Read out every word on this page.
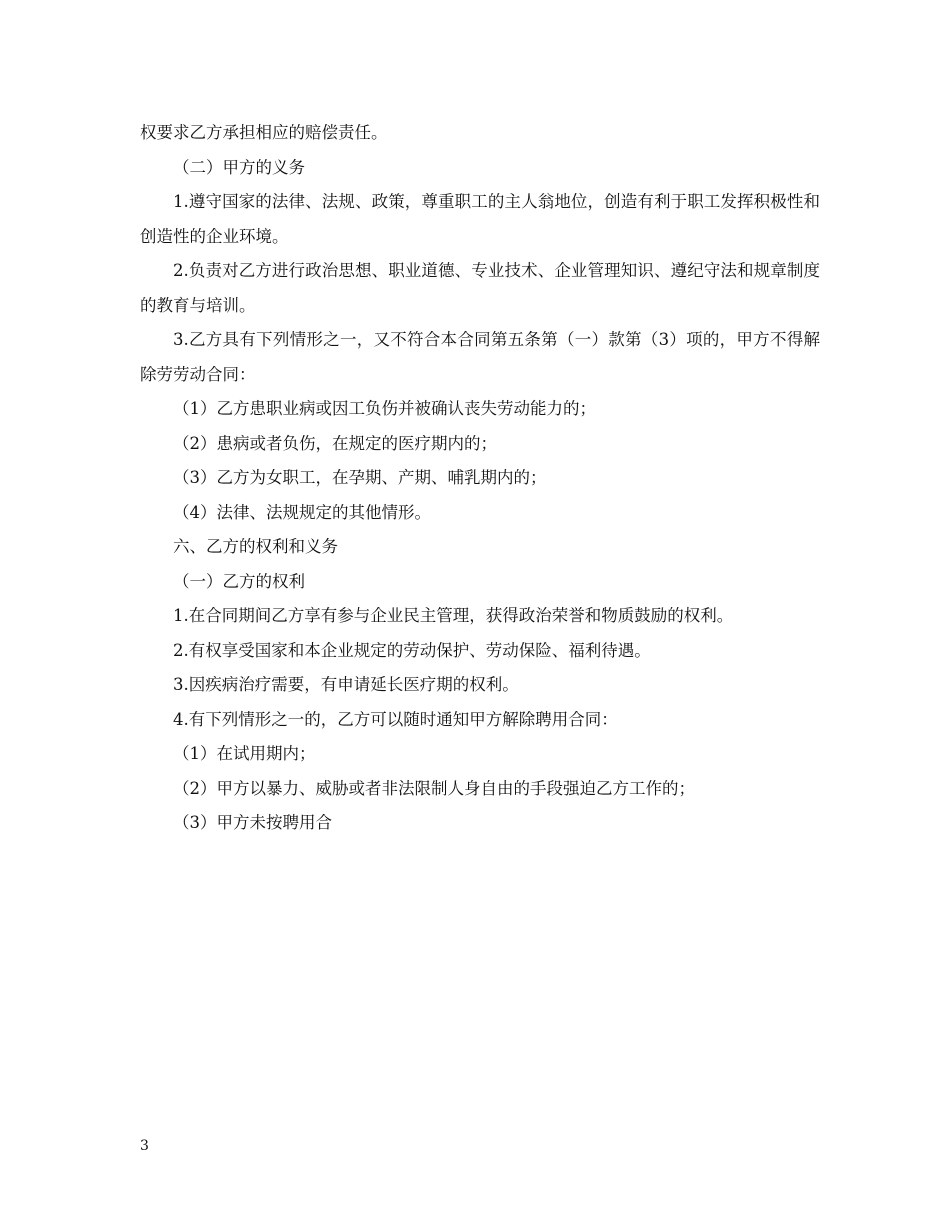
权要求乙方承担相应的赔偿责任。

（二）甲方的义务

1.遵守国家的法律、法规、政策，尊重职工的主人翁地位，创造有利于职工发挥积极性和创造性的企业环境。

2.负责对乙方进行政治思想、职业道德、专业技术、企业管理知识、遵纪守法和规章制度的教育与培训。

3.乙方具有下列情形之一，又不符合本合同第五条第（一）款第（3）项的，甲方不得解除劳劳动合同：

（1）乙方患职业病或因工负伤并被确认丧失劳动能力的；

（2）患病或者负伤，在规定的医疗期内的；

（3）乙方为女职工，在孕期、产期、哺乳期内的；

（4）法律、法规规定的其他情形。

六、乙方的权利和义务

（一）乙方的权利

1.在合同期间乙方享有参与企业民主管理，获得政治荣誉和物质鼓励的权利。

2.有权享受国家和本企业规定的劳动保护、劳动保险、福利待遇。

3.因疾病治疗需要，有申请延长医疗期的权利。

4.有下列情形之一的，乙方可以随时通知甲方解除聘用合同：

（1）在试用期内；

（2）甲方以暴力、威胁或者非法限制人身自由的手段强迫乙方工作的；

（3）甲方未按聘用合

3
